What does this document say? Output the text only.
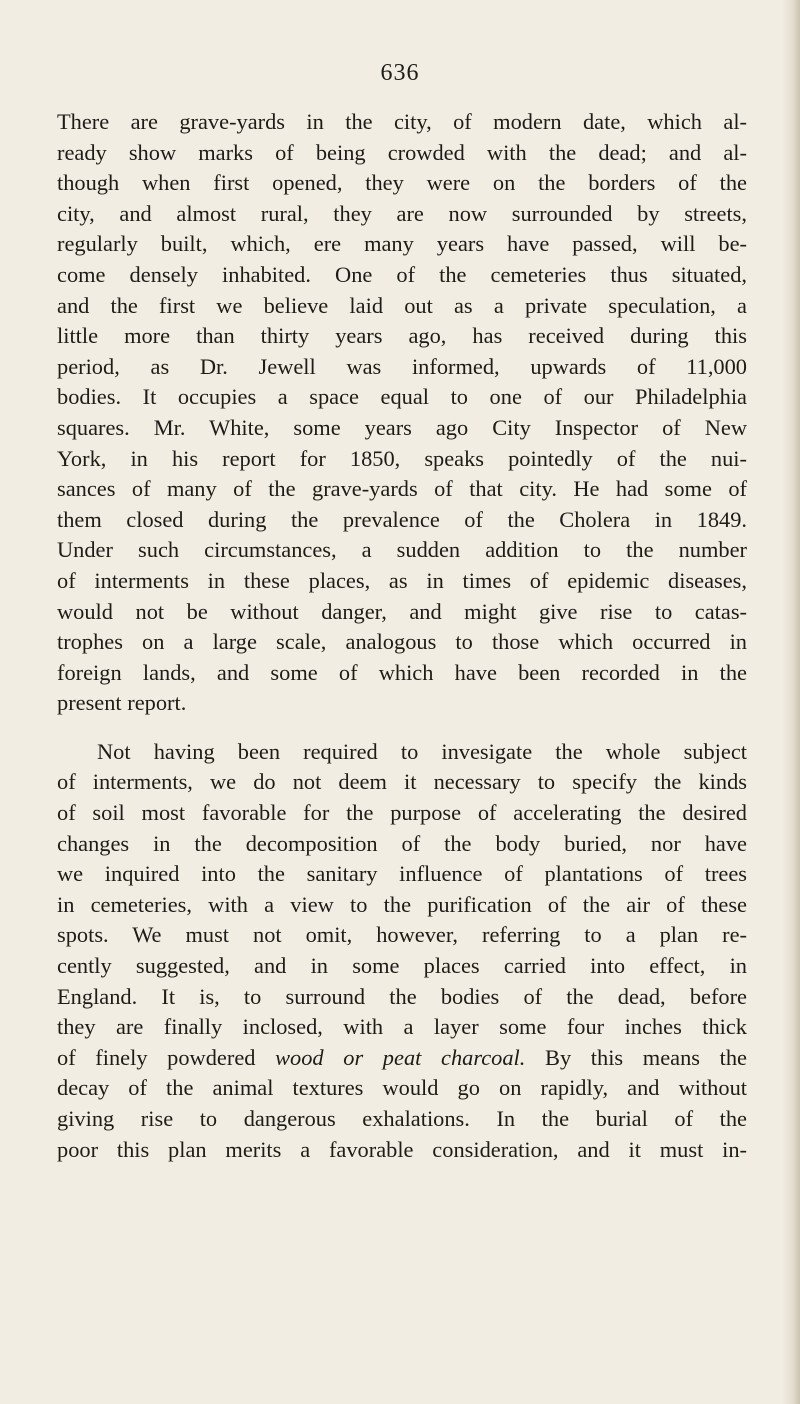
636
There are grave-yards in the city, of modern date, which al-
ready show marks of being crowded with the dead; and al-
though when first opened, they were on the borders of the
city, and almost rural, they are now surrounded by streets,
regularly built, which, ere many years have passed, will be-
come densely inhabited. One of the cemeteries thus situated,
and the first we believe laid out as a private speculation, a
little more than thirty years ago, has received during this
period, as Dr. Jewell was informed, upwards of 11,000
bodies. It occupies a space equal to one of our Philadelphia
squares. Mr. White, some years ago City Inspector of New
York, in his report for 1850, speaks pointedly of the nui-
sances of many of the grave-yards of that city. He had some of
them closed during the prevalence of the Cholera in 1849.
Under such circumstances, a sudden addition to the number
of interments in these places, as in times of epidemic diseases,
would not be without danger, and might give rise to catas-
trophes on a large scale, analogous to those which occurred in
foreign lands, and some of which have been recorded in the
present report.
Not having been required to invesigate the whole subject
of interments, we do not deem it necessary to specify the kinds
of soil most favorable for the purpose of accelerating the desired
changes in the decomposition of the body buried, nor have
we inquired into the sanitary influence of plantations of trees
in cemeteries, with a view to the purification of the air of these
spots. We must not omit, however, referring to a plan re-
cently suggested, and in some places carried into effect, in
England. It is, to surround the bodies of the dead, before
they are finally inclosed, with a layer some four inches thick
of finely powdered wood or peat charcoal. By this means the
decay of the animal textures would go on rapidly, and without
giving rise to dangerous exhalations. In the burial of the
poor this plan merits a favorable consideration, and it must in-
